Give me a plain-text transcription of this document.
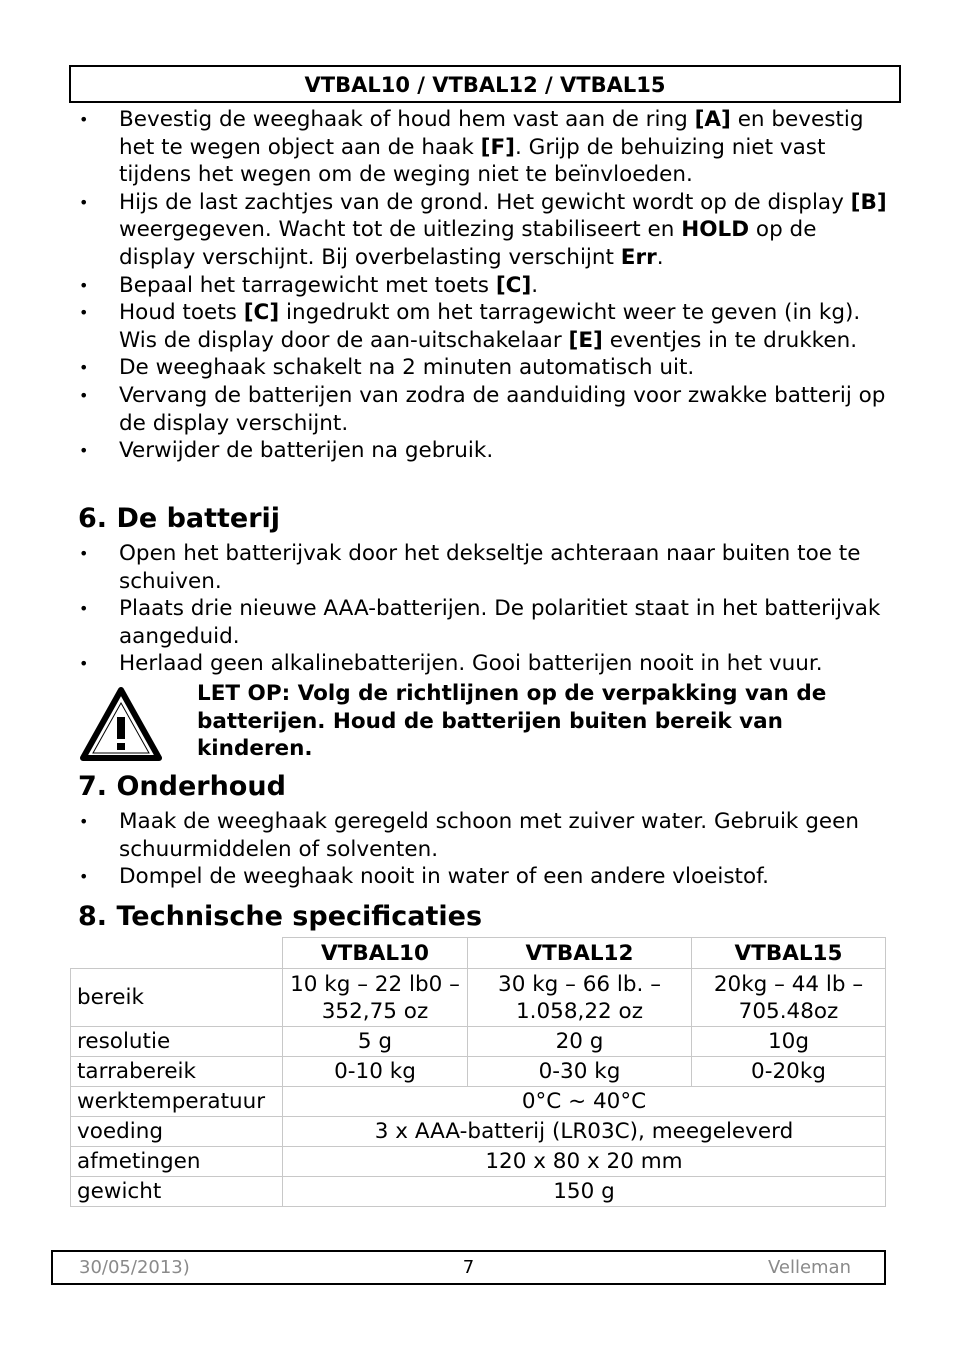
VTBAL10 / VTBAL12 / VTBAL15
• Bevestig de weeghaak of houd hem vast aan de ring [A] en bevestig het te wegen object aan de haak [F]. Grijp de behuizing niet vast tijdens het wegen om de weging niet te beïnvloeden.
• Hijs de last zachtjes van de grond. Het gewicht wordt op de display [B] weergegeven. Wacht tot de uitlezing stabiliseert en HOLD op de display verschijnt. Bij overbelasting verschijnt Err.
• Bepaal het tarragewicht met toets [C].
• Houd toets [C] ingedrukt om het tarragewicht weer te geven (in kg). Wis de display door de aan-uitschakelaar [E] eventjes in te drukken.
• De weeghaak schakelt na 2 minuten automatisch uit.
• Vervang de batterijen van zodra de aanduiding voor zwakke batterij op de display verschijnt.
• Verwijder de batterijen na gebruik.
6. De batterij
• Open het batterijvak door het dekseltje achteraan naar buiten toe te schuiven.
• Plaats drie nieuwe AAA-batterijen. De polaritiet staat in het batterijvak aangeduid.
• Herlaad geen alkalinebatterijen. Gooi batterijen nooit in het vuur.
LET OP: Volg de richtlijnen op de verpakking van de batterijen. Houd de batterijen buiten bereik van kinderen.
7. Onderhoud
• Maak de weeghaak geregeld schoon met zuiver water. Gebruik geen schuurmiddelen of solventen.
• Dompel de weeghaak nooit in water of een andere vloeistof.
8. Technische specificaties
	VTBAL10	VTBAL12	VTBAL15
bereik	10 kg – 22 lb0 – 352,75 oz	30 kg – 66 lb. – 1.058,22 oz	20kg – 44 lb – 705.48oz
resolutie	5 g	20 g	10g
tarrabereik	0-10 kg	0-30 kg	0-20kg
werktemperatuur	0°C ~ 40°C		
voeding	3 x AAA-batterij (LR03C), meegeleverd		
afmetingen	120 x 80 x 20 mm		
gewicht	150 g		
30/05/2013)	7	Velleman
